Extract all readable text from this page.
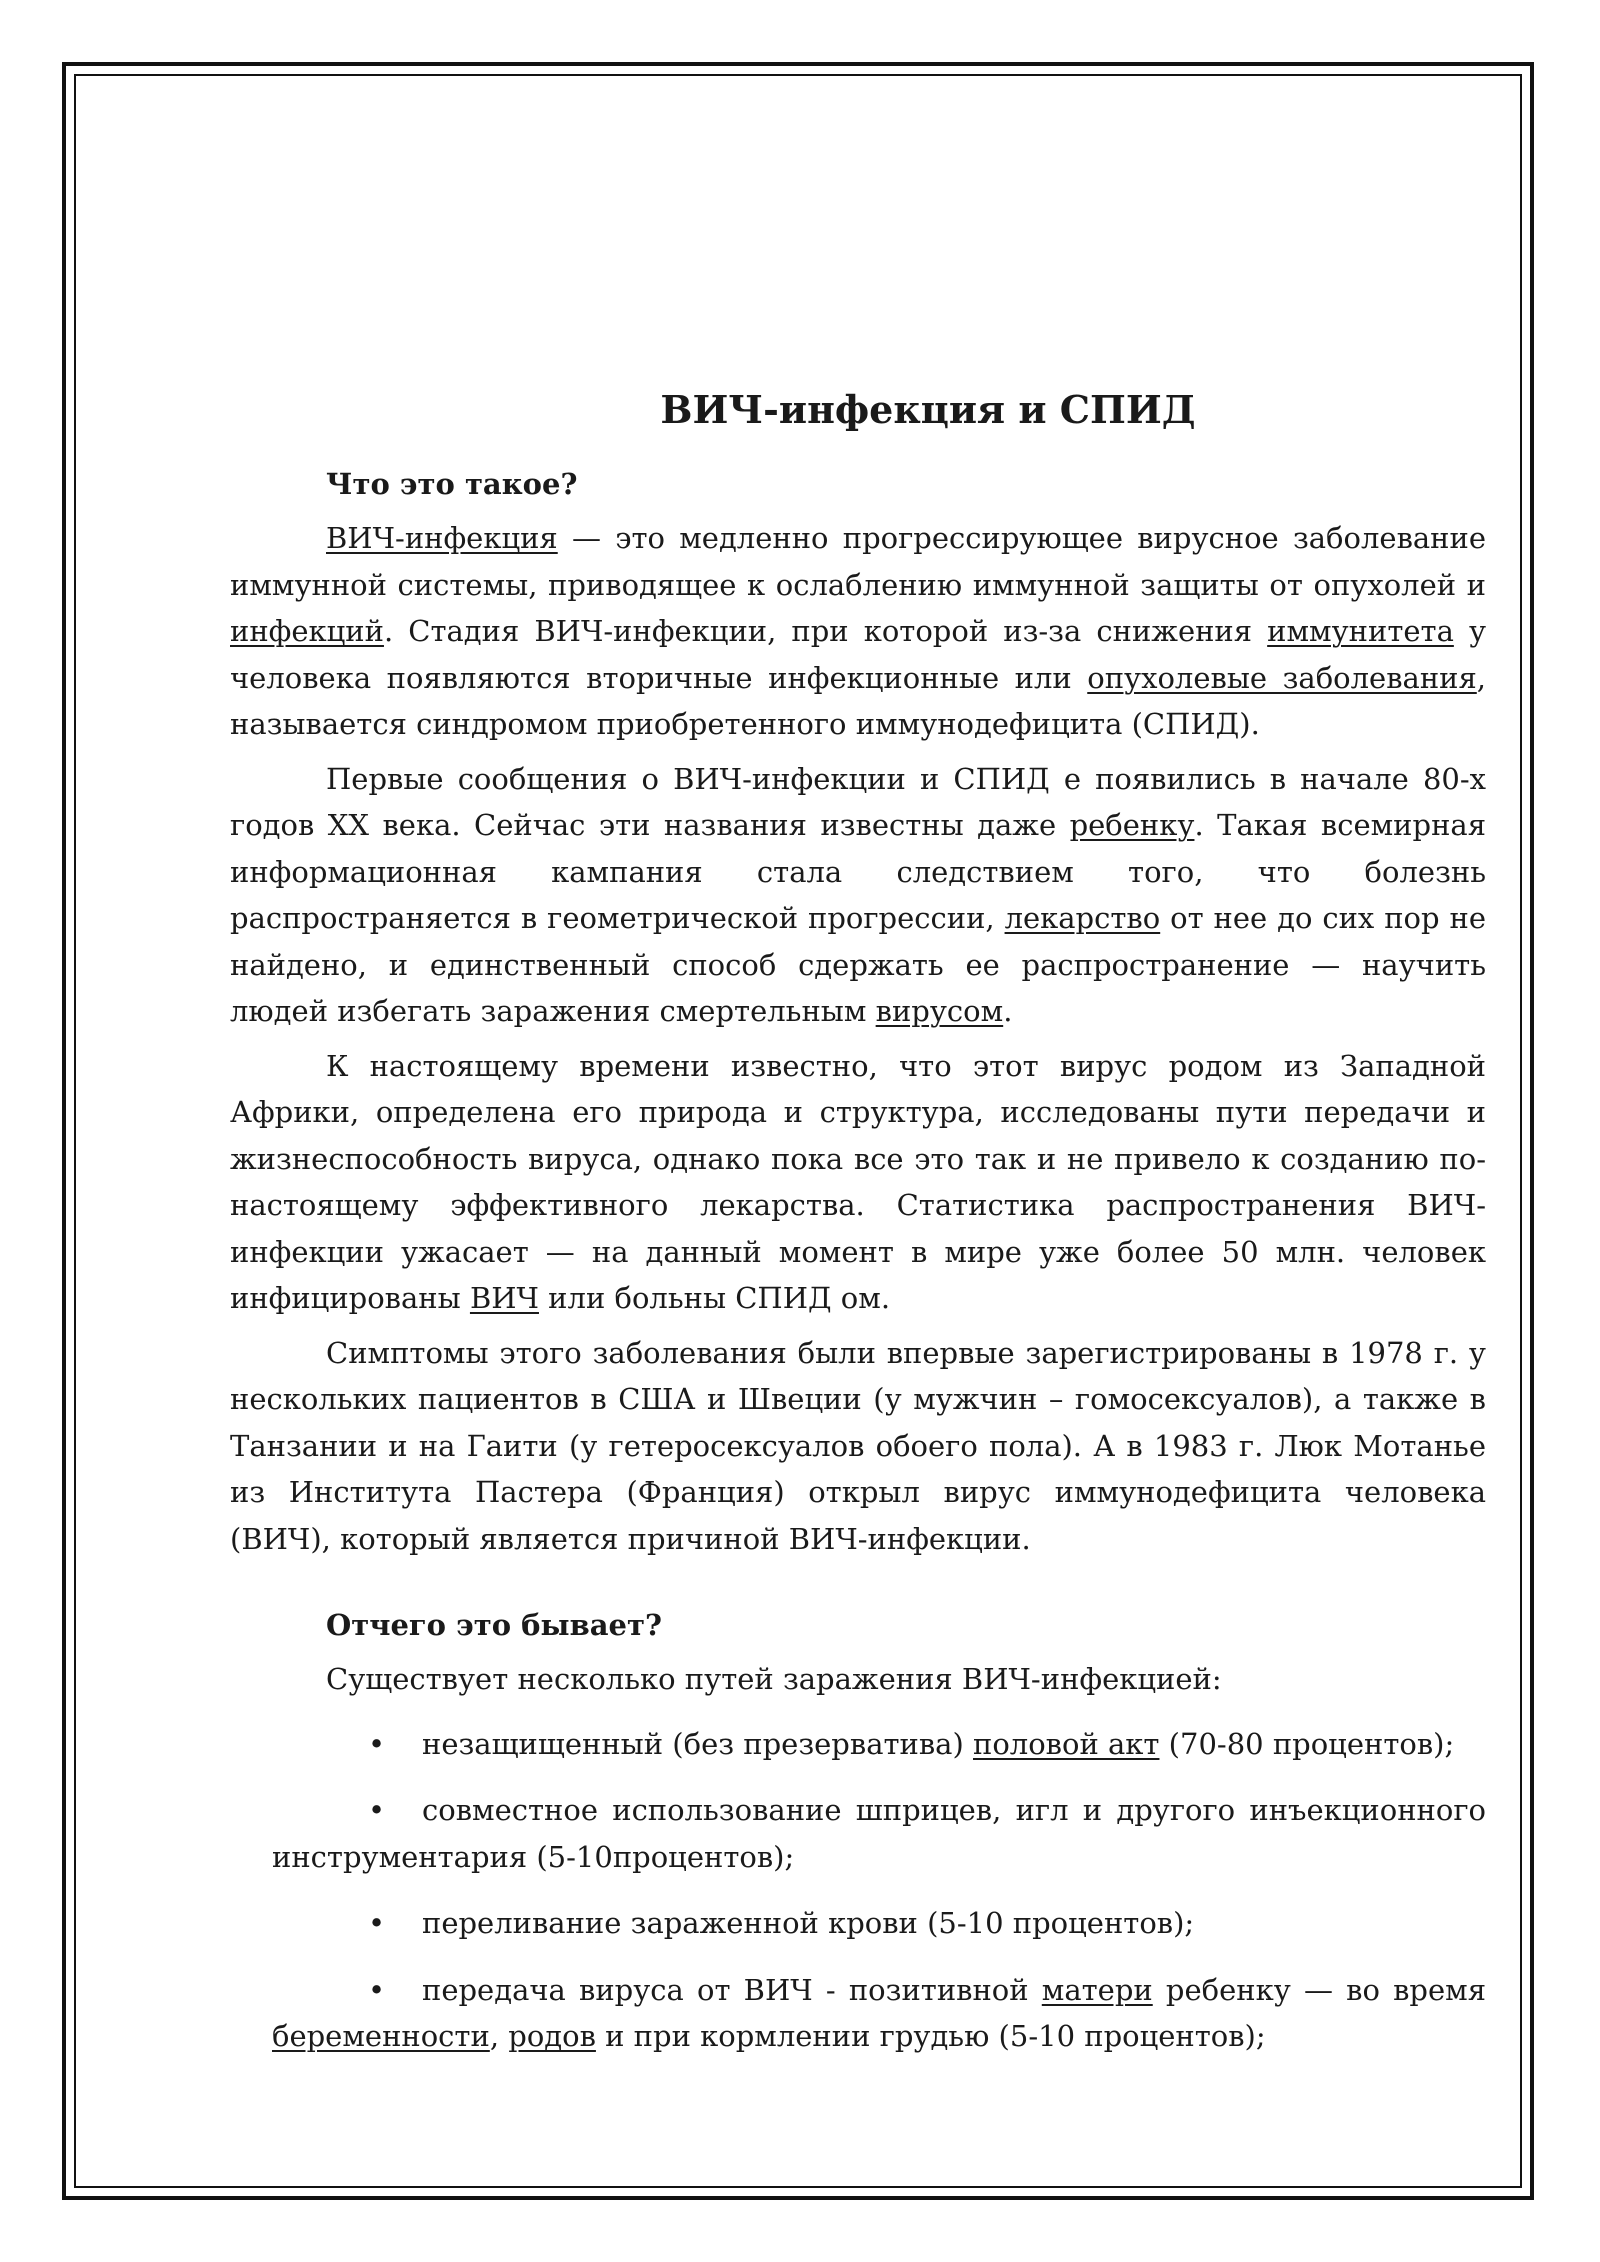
ВИЧ-инфекция и СПИД
Что это такое?

ВИЧ-инфекция — это медленно прогрессирующее вирусное заболевание иммунной системы, приводящее к ослаблению иммунной защиты от опухолей и инфекций. Стадия ВИЧ-инфекции, при которой из-за снижения иммунитета у человека появляются вторичные инфекционные или опухолевые заболевания, называется синдромом приобретенного иммунодефицита (СПИД).

Первые сообщения о ВИЧ-инфекции и СПИД е появились в начале 80-х годов XX века. Сейчас эти названия известны даже ребенку. Такая всемирная информационная кампания стала следствием того, что болезнь распространяется в геометрической прогрессии, лекарство от нее до сих пор не найдено, и единственный способ сдержать ее распространение — научить людей избегать заражения смертельным вирусом.

К настоящему времени известно, что этот вирус родом из Западной Африки, определена его природа и структура, исследованы пути передачи и жизнеспособность вируса, однако пока все это так и не привело к созданию по-настоящему эффективного лекарства. Статистика распространения ВИЧ-инфекции ужасает — на данный момент в мире уже более 50 млн. человек инфицированы ВИЧ или больны СПИД ом.

Симптомы этого заболевания были впервые зарегистрированы в 1978 г. у нескольких пациентов в США и Швеции (у мужчин – гомосексуалов), а также в Танзании и на Гаити (у гетеросексуалов обоего пола). А в 1983 г. Люк Мотанье из Института Пастера (Франция) открыл вирус иммунодефицита человека (ВИЧ), который является причиной ВИЧ-инфекции.

Отчего это бывает?

Существует несколько путей заражения ВИЧ-инфекцией:

•незащищенный (без презерватива) половой акт (70-80 процентов);
•совместное использование шприцев, игл и другого инъекционного инструментария (5-10процентов);
•переливание зараженной крови (5-10 процентов);
•передача вируса от ВИЧ - позитивной матери ребенку — во время беременности, родов и при кормлении грудью (5-10 процентов);
